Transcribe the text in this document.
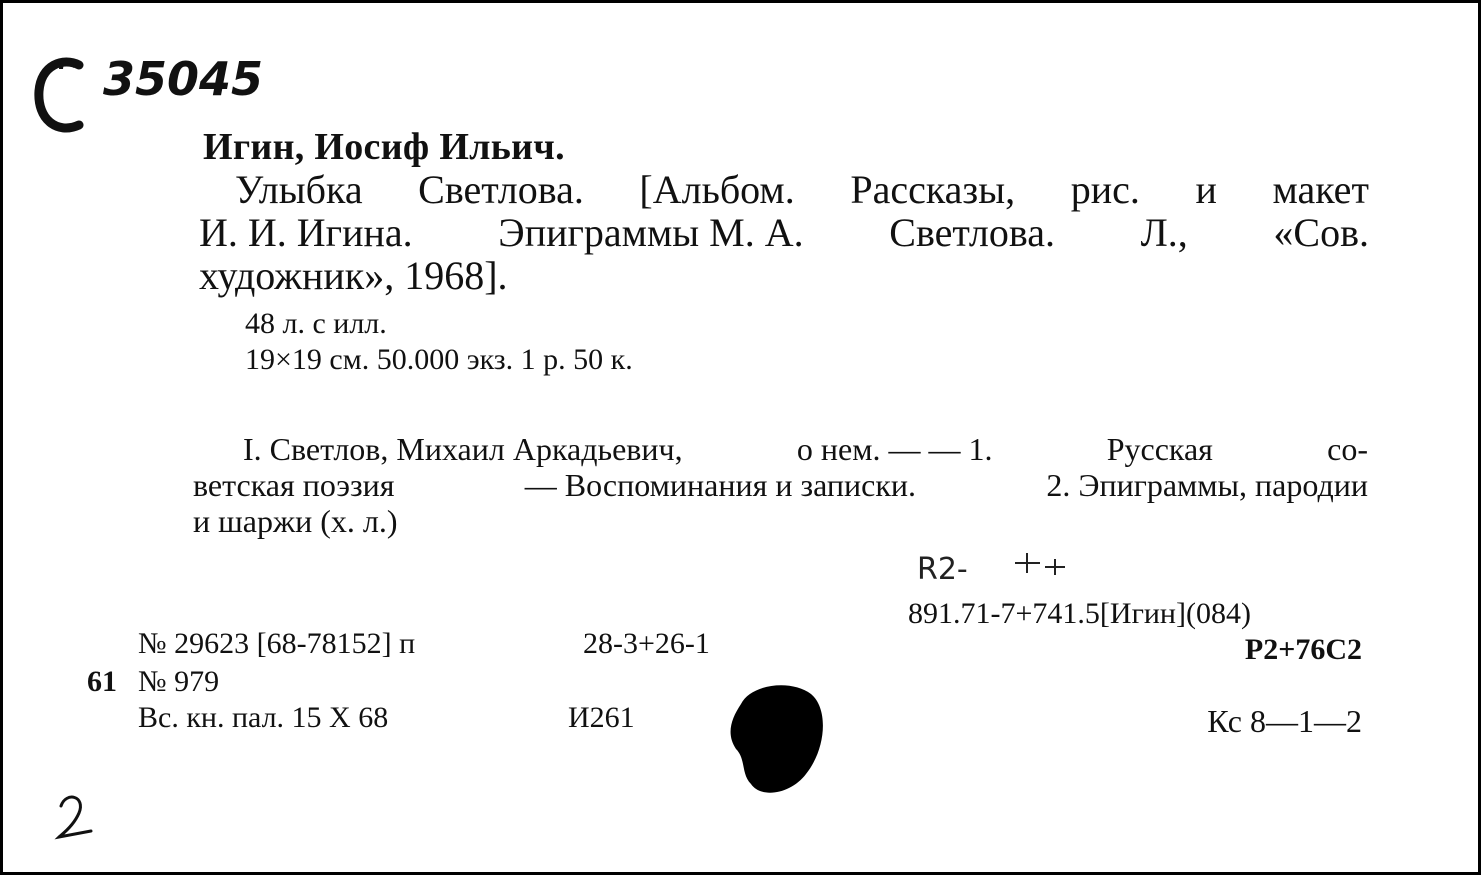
35045
R2-
Игин, Иосиф Ильич.
Улыбка Светлова. [Альбом. Рассказы, рис. и макет
И. И. Игина. Эпиграммы М. А. Светлова. Л., «Сов.
художник», 1968].
48 л. с илл.
19×19 см. 50.000 экз. 1 р. 50 к.
I. Светлов, Михаил Аркадьевич,	о нем. — — 1.	Русская	со-
ветская поэзия	— Воспоминания и записки.	2. Эпиграммы, пародии
и шаржи (х. л.)
891.71-7+741.5[Игин](084)
Р2+76С2
Кс 8—1—2
№ 29623 [68-78152] п	28-3+26-1
61 № 979
Вс. кн. пал. 15 X 68	И261
